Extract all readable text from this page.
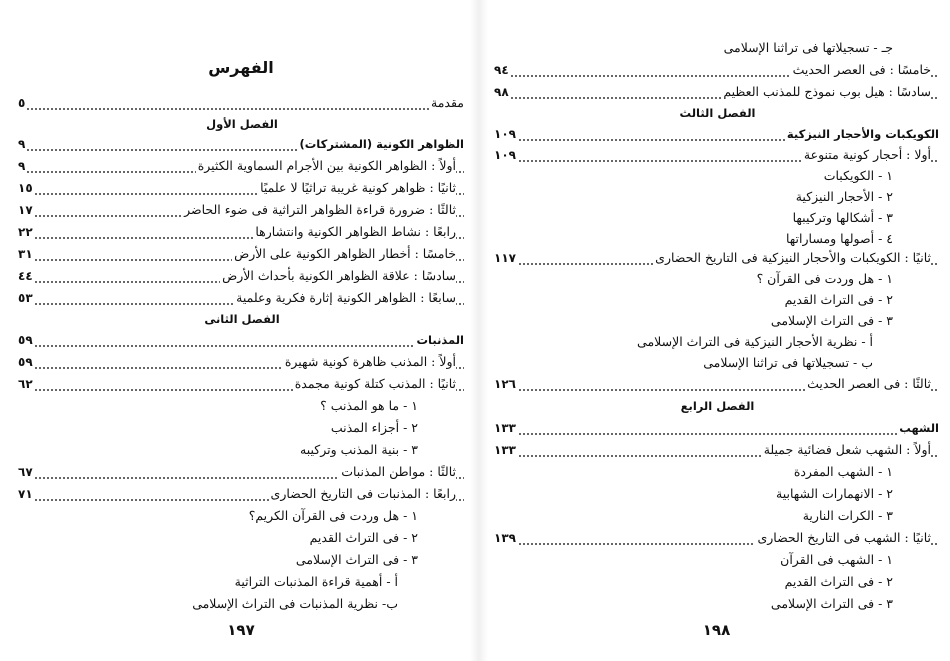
الفهرس
مقدمة
٥
الفصل الأول
الظواهر الكونية (المشتركات)
٩
أولاً : الظواهر الكونية بين الأجرام السماوية الكثيرة
٩
ثانيًا : ظواهر كونية غريبة تراثيًا لا علميًا
١٥
ثالثًا : ضرورة قراءة الظواهر التراثية فى ضوء الحاضر
١٧
رابعًا : نشاط الظواهر الكونية وانتشارها
٢٢
خامسًا : أخطار الظواهر الكونية على الأرض
٣١
سادسًا : علاقة الظواهر الكونية بأحداث الأرض
٤٤
سابعًا : الظواهر الكونية إثارة فكرية وعلمية
٥٣
الفصل الثانى
المذنبات
٥٩
أولاً : المذنب ظاهرة كونية شهيرة
٥٩
ثانيًا : المذنب كتلة كونية مجمدة
٦٢
١ - ما هو المذنب ؟
٢ - أجزاء المذنب
٣ - بنية المذنب وتركيبه
ثالثًا : مواطن المذنبات
٦٧
رابعًا : المذنبات فى التاريخ الحضارى
٧١
١ - هل وردت فى القرآن الكريم؟
٢ - فى التراث القديم
٣ - فى التراث الإسلامى
أ - أهمية قراءة المذنبات التراثية
ب- نظرية المذنبات فى التراث الإسلامى
١٩٧
جـ - تسجيلاتها فى تراثنا الإسلامى
خامسًا : فى العصر الحديث
٩٤
سادسًا : هيل بوب نموذج للمذنب العظيم
٩٨
الفصل الثالث
الكويكبات والأحجار النيزكية
١٠٩
أولا : أحجار كونية متنوعة
١٠٩
١ - الكويكبات
٢ - الأحجار النيزكية
٣ - أشكالها وتركيبها
٤ - أصولها ومساراتها
ثانيًا : الكويكبات والأحجار النيزكية فى التاريخ الحضارى
١١٧
١ - هل وردت فى القرآن ؟
٢ - فى التراث القديم
٣ - فى التراث الإسلامى
أ - نظرية الأحجار النيزكية فى التراث الإسلامى
ب - تسجيلاتها فى تراثنا الإسلامى
ثالثًا : فى العصر الحديث
١٢٦
الفصل الرابع
الشهب
١٣٣
أولاً : الشهب شعل فضائية جميلة
١٣٣
١ - الشهب المفردة
٢ - الانهمارات الشهابية
٣ - الكرات النارية
ثانيًا : الشهب فى التاريخ الحضارى
١٣٩
١ - الشهب فى القرآن
٢ - فى التراث القديم
٣ - فى التراث الإسلامى
١٩٨
